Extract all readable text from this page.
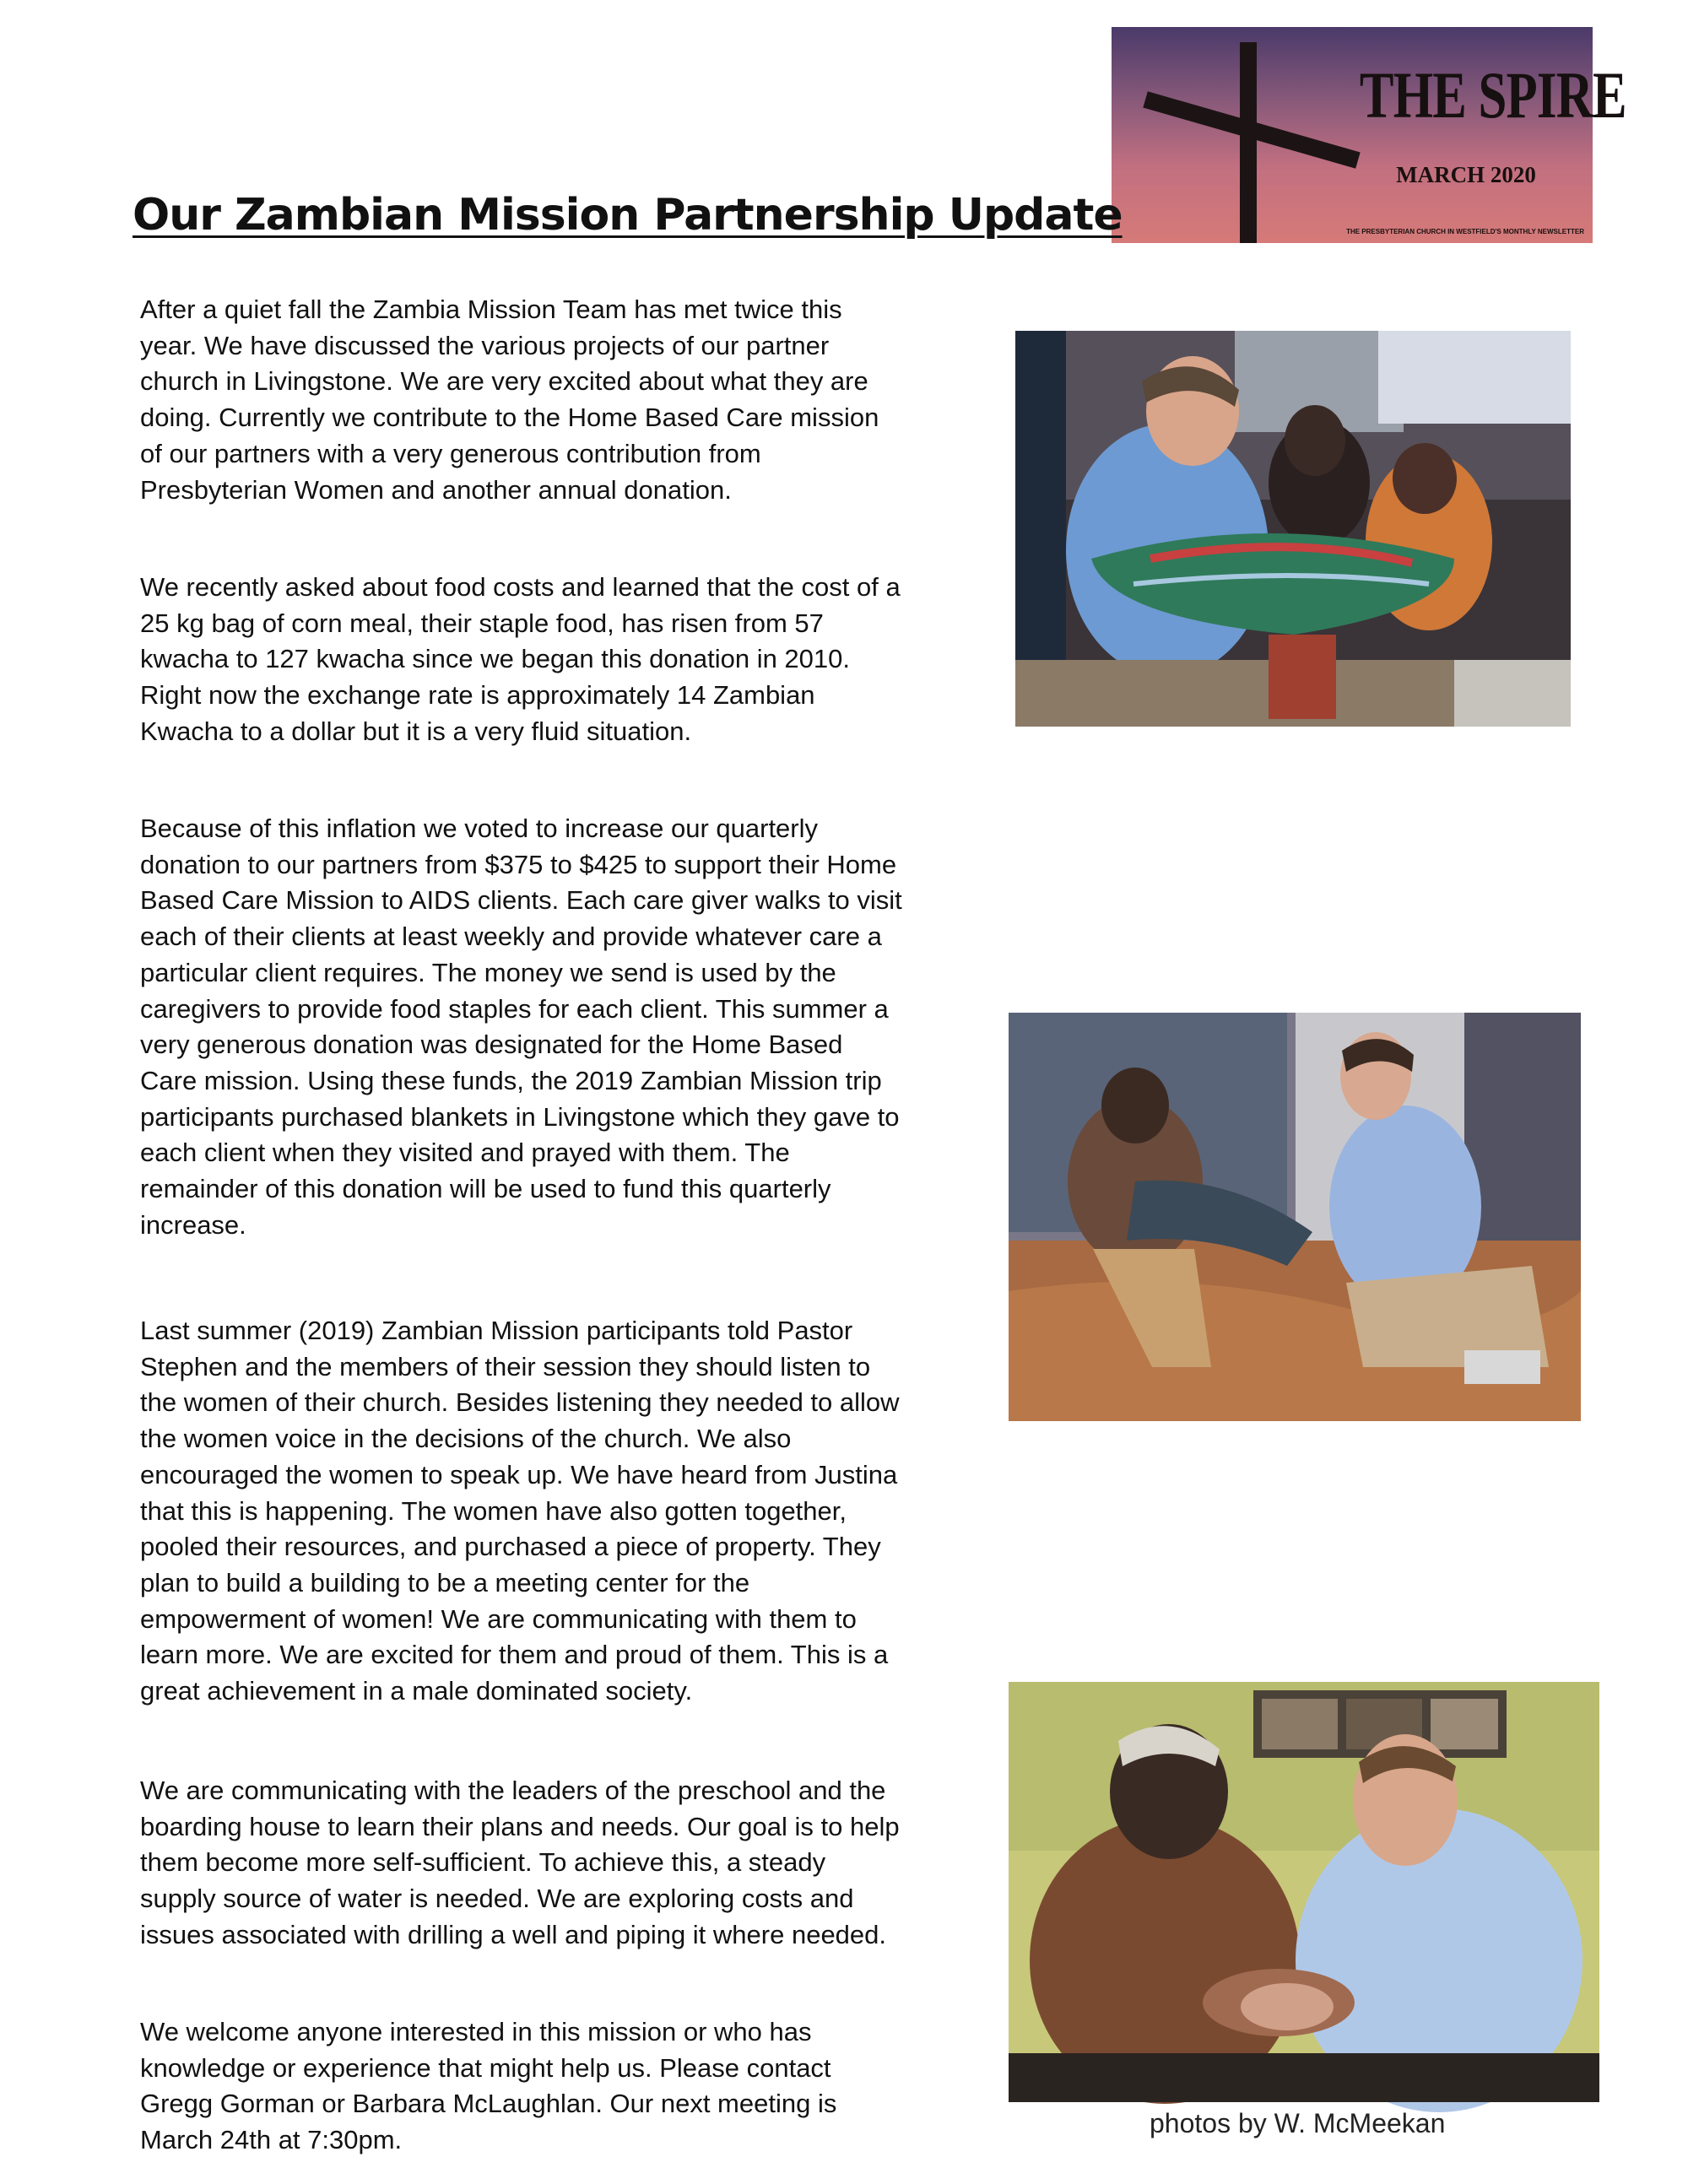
THE SPIRE
MARCH 2020
THE PRESBYTERIAN CHURCH IN WESTFIELD'S MONTHLY NEWSLETTER
Our Zambian Mission Partnership Update

After a quiet fall the Zambia Mission Team has met twice this
year. We have discussed the various projects of our partner
church in Livingstone. We are very excited about what they are
doing. Currently we contribute to the Home Based Care mission
of our partners with a very generous contribution from
Presbyterian Women and another annual donation.

We recently asked about food costs and learned that the cost of a
25 kg bag of corn meal, their staple food, has risen from 57
kwacha to 127 kwacha since we began this donation in 2010.
Right now the exchange rate is approximately 14 Zambian
Kwacha to a dollar but it is a very fluid situation.

Because of this inflation we voted to increase our quarterly
donation to our partners from $375 to $425 to support their Home
Based Care Mission to AIDS clients. Each care giver walks to visit
each of their clients at least weekly and provide whatever care a
particular client requires. The money we send is used by the
caregivers to provide food staples for each client. This summer a
very generous donation was designated for the Home Based
Care mission. Using these funds, the 2019 Zambian Mission trip
participants purchased blankets in Livingstone which they gave to
each client when they visited and prayed with them. The
remainder of this donation will be used to fund this quarterly
increase.

Last summer (2019) Zambian Mission participants told Pastor
Stephen and the members of their session they should listen to
the women of their church. Besides listening they needed to allow
the women voice in the decisions of the church. We also
encouraged the women to speak up. We have heard from Justina
that this is happening. The women have also gotten together,
pooled their resources, and purchased a piece of property. They
plan to build a building to be a meeting center for the
empowerment of women! We are communicating with them to
learn more. We are excited for them and proud of them. This is a
great achievement in a male dominated society.

We are communicating with the leaders of the preschool and the
boarding house to learn their plans and needs. Our goal is to help
them become more self-sufficient. To achieve this, a steady
supply source of water is needed. We are exploring costs and
issues associated with drilling a well and piping it where needed.

We welcome anyone interested in this mission or who has
knowledge or experience that might help us. Please contact
Gregg Gorman or Barbara McLaughlan. Our next meeting is
March 24th at 7:30pm.

photos by W. McMeekan
